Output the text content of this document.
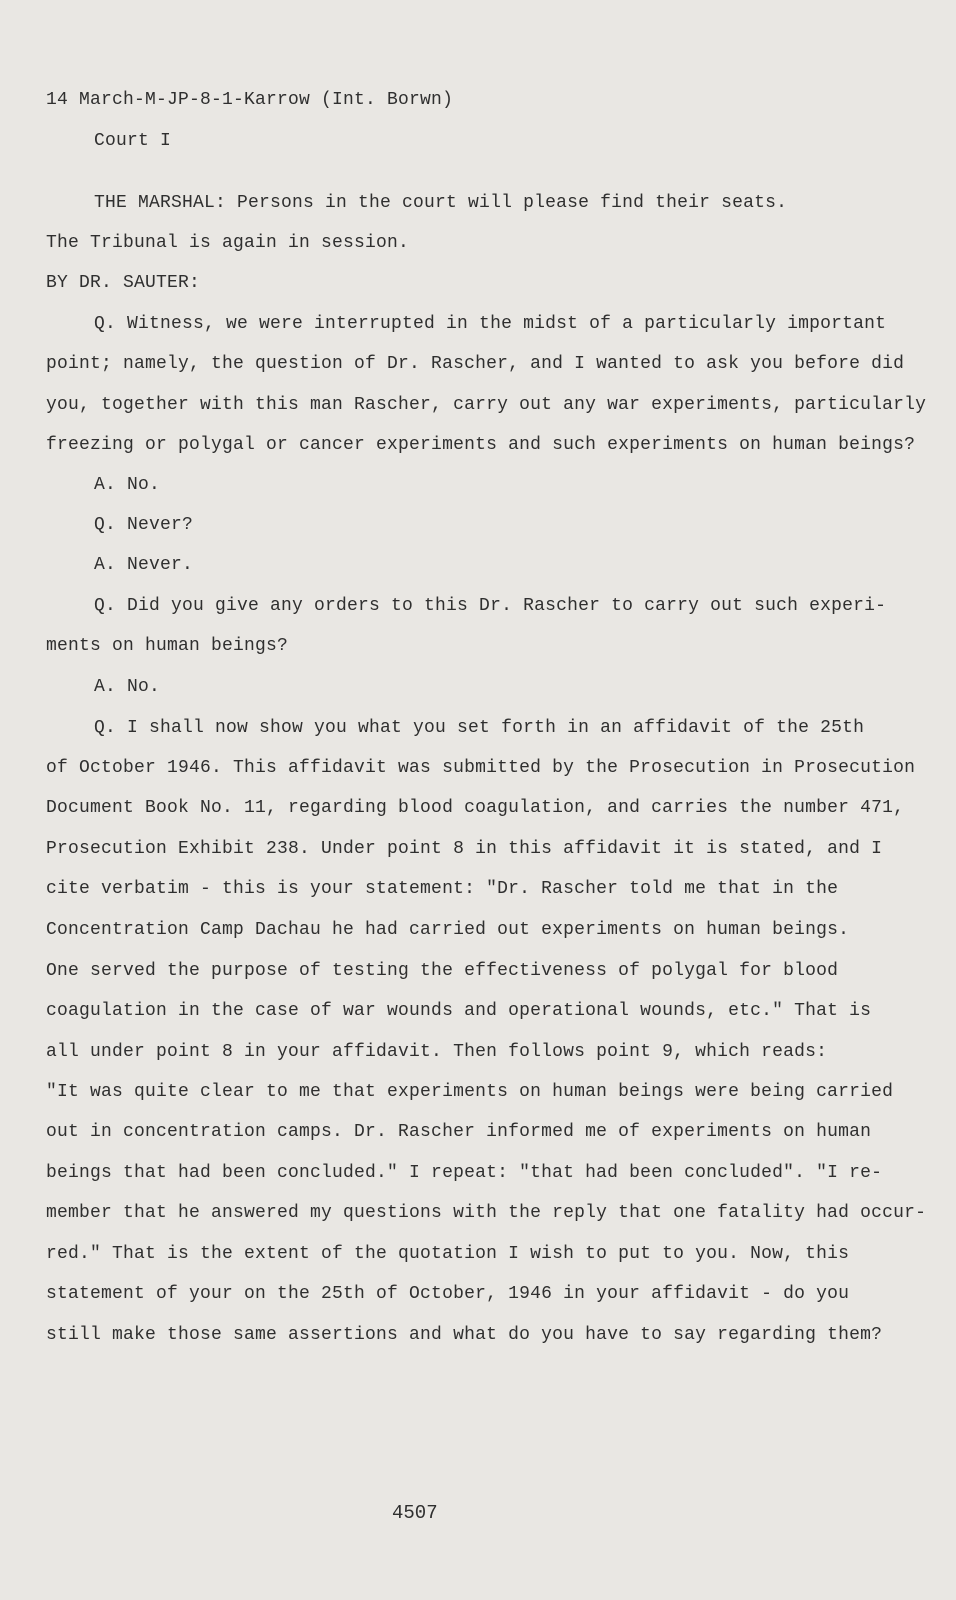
14 March-M-JP-8-1-Karrow (Int. Borwn)
Court I
THE MARSHAL: Persons in the court will please find their seats.
The Tribunal is again in session.
BY DR. SAUTER:
Q. Witness, we were interrupted in the midst of a particularly important
point; namely, the question of Dr. Rascher, and I wanted to ask you before did
you, together with this man Rascher, carry out any war experiments, particularly
freezing or polygal or cancer experiments and such experiments on human beings?
A. No.
Q. Never?
A. Never.
Q. Did you give any orders to this Dr. Rascher to carry out such experi-
ments on human beings?
A. No.
Q. I shall now show you what you set forth in an affidavit of the 25th
of October 1946. This affidavit was submitted by the Prosecution in Prosecution
Document Book No. 11, regarding blood coagulation, and carries the number 471,
Prosecution Exhibit 238. Under point 8 in this affidavit it is stated, and I
cite verbatim - this is your statement: "Dr. Rascher told me that in the
Concentration Camp Dachau he had carried out experiments on human beings.
One served the purpose of testing the effectiveness of polygal for blood
coagulation in the case of war wounds and operational wounds, etc." That is
all under point 8 in your affidavit. Then follows point 9, which reads:
"It was quite clear to me that experiments on human beings were being carried
out in concentration camps. Dr. Rascher informed me of experiments on human
beings that had been concluded." I repeat: "that had been concluded". "I re-
member that he answered my questions with the reply that one fatality had occur-
red." That is the extent of the quotation I wish to put to you. Now, this
statement of your on the 25th of October, 1946 in your affidavit - do you
still make those same assertions and what do you have to say regarding them?
4507
